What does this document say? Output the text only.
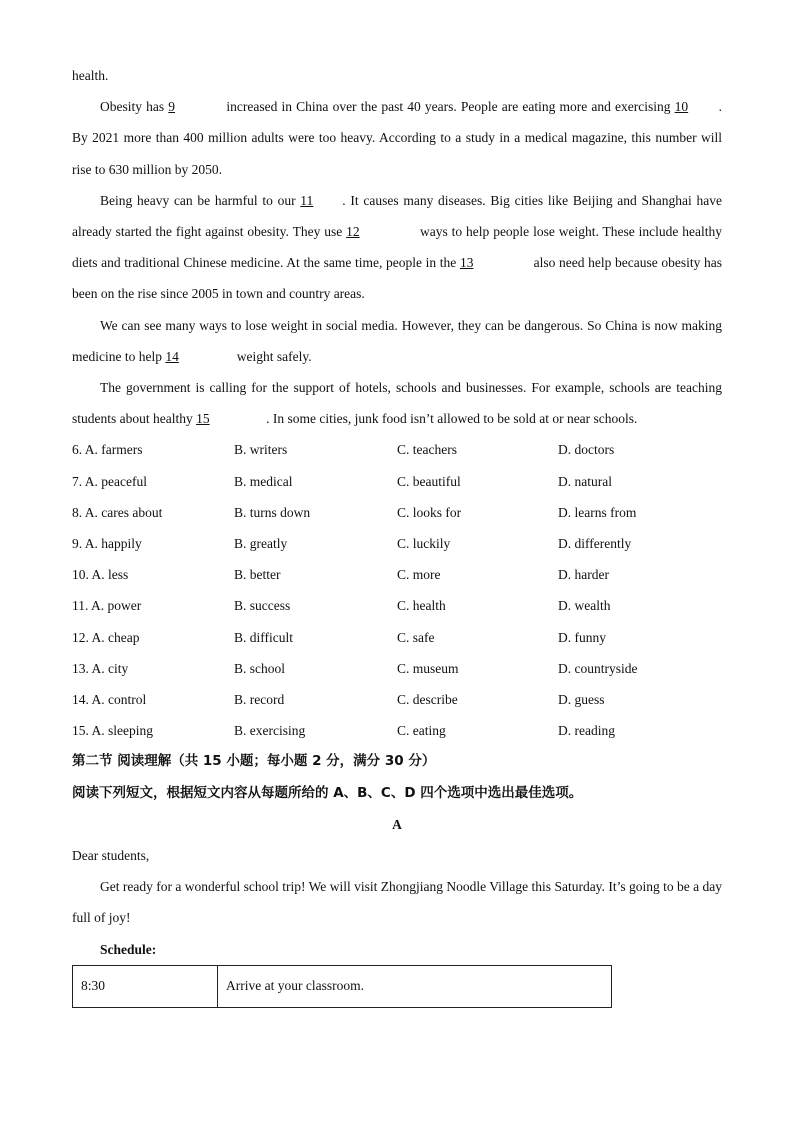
health.

Obesity has 9	increased in China over the past 40 years. People are eating more and exercising 10 . By 2021 more than 400 million adults were too heavy. According to a study in a medical magazine, this number will rise to 630 million by 2050.

Being heavy can be harmful to our 11 . It causes many diseases. Big cities like Beijing and Shanghai have already started the fight against obesity. They use 12	ways to help people lose weight. These include healthy diets and traditional Chinese medicine. At the same time, people in the 13	also need help because obesity has been on the rise since 2005 in town and country areas.

We can see many ways to lose weight in social media. However, they can be dangerous. So China is now making medicine to help 14	weight safely.

The government is calling for the support of hotels, schools and businesses. For example, schools are teaching students about healthy 15	. In some cities, junk food isn’t allowed to be sold at or near schools.

6. A. farmers	B. writers	C. teachers	D. doctors
7. A. peaceful	B. medical	C. beautiful	D. natural
8. A. cares about	B. turns down	C. looks for	D. learns from
9. A. happily	B. greatly	C. luckily	D. differently
10. A. less	B. better	C. more	D. harder
11. A. power	B. success	C. health	D. wealth
12. A. cheap	B. difficult	C. safe	D. funny
13. A. city	B. school	C. museum	D. countryside
14. A. control	B. record	C. describe	D. guess
15. A. sleeping	B. exercising	C. eating	D. reading

第二节 阅读理解（共 15 小题；每小题 2 分，满分 30 分）

阅读下列短文，根据短文内容从每题所给的 A、B、C、D 四个选项中选出最佳选项。

A

Dear students,

Get ready for a wonderful school trip! We will visit Zhongjiang Noodle Village this Saturday. It’s going to be a day full of joy!

Schedule:

8:30	Arrive at your classroom.
